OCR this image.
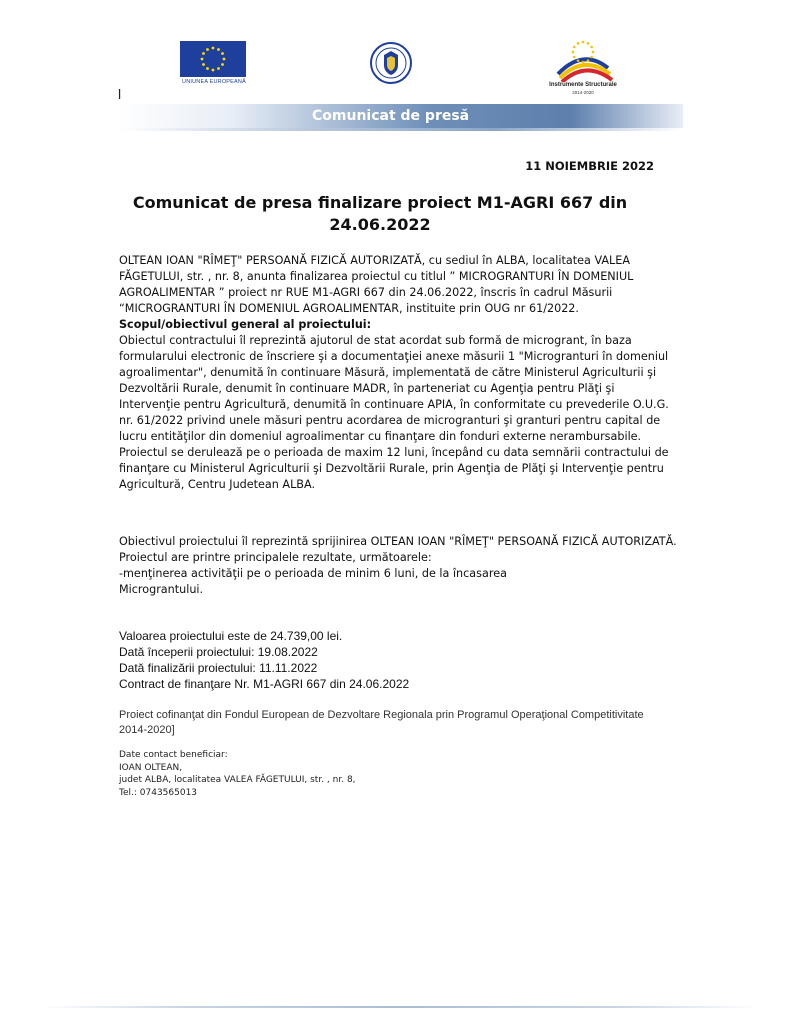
UNIUNEA EUROPEANĂ	Instrumente Structurale
2014-2020
l
Comunicat de presă
11 NOIEMBRIE 2022
Comunicat de presa finalizare proiect M1-AGRI 667 din
24.06.2022

OLTEAN IOAN "RÎMEŢ" PERSOANĂ FIZICĂ AUTORIZATĂ, cu sediul în ALBA, localitatea VALEA FĂGETULUI, str. , nr. 8, anunta finalizarea proiectul cu titlul ” MICROGRANTURI ÎN DOMENIUL AGROALIMENTAR ” proiect nr RUE M1-AGRI 667 din 24.06.2022, înscris în cadrul Măsurii “MICROGRANTURI ÎN DOMENIUL AGROALIMENTAR, instituite prin OUG nr 61/2022.

Scopul/obiectivul general al proiectului:

Obiectul contractului îl reprezintă ajutorul de stat acordat sub formă de microgrant, în baza formularului electronic de înscriere şi a documentaţiei anexe măsurii 1 "Microgranturi în domeniul agroalimentar", denumită în continuare Măsură, implementată de către Ministerul Agriculturii şi Dezvoltării Rurale, denumit în continuare MADR, în parteneriat cu Agenţia pentru Plăţi şi Intervenţie pentru Agricultură, denumită în continuare APIA, în conformitate cu prevederile O.U.G. nr. 61/2022 privind unele măsuri pentru acordarea de microgranturi şi granturi pentru capital de lucru entităţilor din domeniul agroalimentar cu finanţare din fonduri externe nerambursabile.

Proiectul se derulează pe o perioada de maxim 12 luni, începând cu data semnării contractului de finanţare cu Ministerul Agriculturii şi Dezvoltării Rurale, prin Agenţia de Plăţi şi Intervenţie pentru Agricultură, Centru Judetean ALBA.

Obiectivul proiectului îl reprezintă sprijinirea OLTEAN IOAN "RÎMEŢ" PERSOANĂ FIZICĂ AUTORIZATĂ.

Proiectul are printre principalele rezultate, următoarele:

-menţinerea activităţii pe o perioada de minim 6 luni, de la încasarea

Micrograntului.

Valoarea proiectului este de 24.739,00 lei.

Dată începerii proiectului: 19.08.2022

Dată finalizării proiectului: 11.11.2022

Contract de finanţare Nr. M1-AGRI 667 din 24.06.2022

Proiect cofinanţat din Fondul European de Dezvoltare Regionala prin Programul Operaţional Competitivitate 2014-2020]

Date contact beneficiar:

IOAN OLTEAN,

judet ALBA, localitatea VALEA FĂGETULUI, str. , nr. 8,

Tel.: 0743565013
